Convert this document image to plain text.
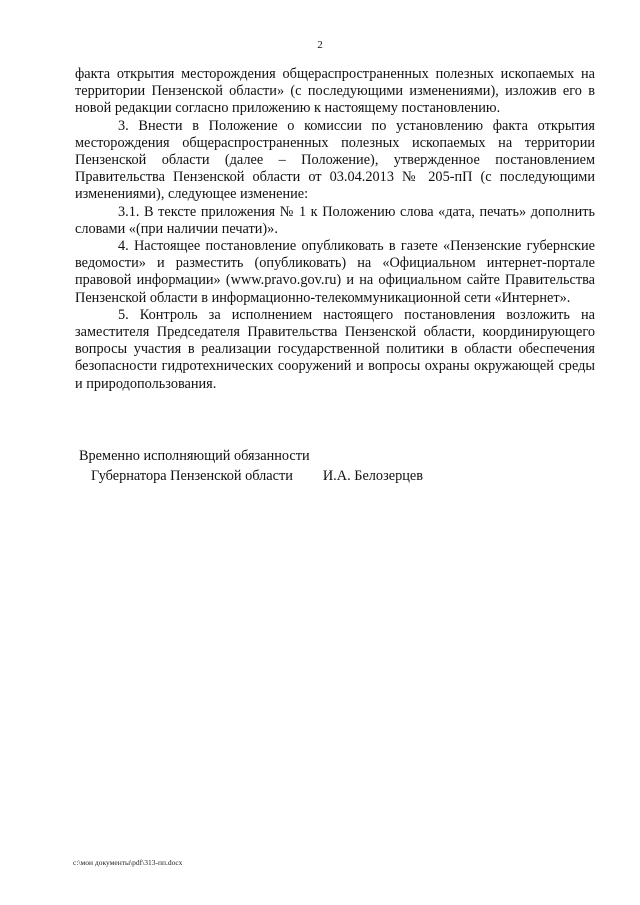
2

факта открытия месторождения общераспространенных полезных ископаемых на территории Пензенской области» (с последующими изменениями), изложив его в новой редакции согласно приложению к настоящему постановлению.

3. Внести в Положение о комиссии по установлению факта открытия месторождения общераспространенных полезных ископаемых на территории Пензенской области (далее – Положение), утвержденное постановлением Правительства Пензенской области от 03.04.2013 № 205-пП (с последующими изменениями), следующее изменение:

3.1. В тексте приложения № 1 к Положению слова «дата, печать» дополнить словами «(при наличии печати)».

4. Настоящее постановление опубликовать в газете «Пензенские губернские ведомости» и разместить (опубликовать) на «Официальном интернет-портале правовой информации» (www.pravo.gov.ru) и на официальном сайте Правительства Пензенской области в информационно-телекоммуникационной сети «Интернет».

5. Контроль за исполнением настоящего постановления возложить на заместителя Председателя Правительства Пензенской области, координирующего вопросы участия в реализации государственной политики в области обеспечения безопасности гидротехнических сооружений и вопросы охраны окружающей среды и природопользования.

Временно исполняющий обязанности
Губернатора Пензенской области И.А. Белозерцев
c:\мои документы\pdf\313-пп.docx
